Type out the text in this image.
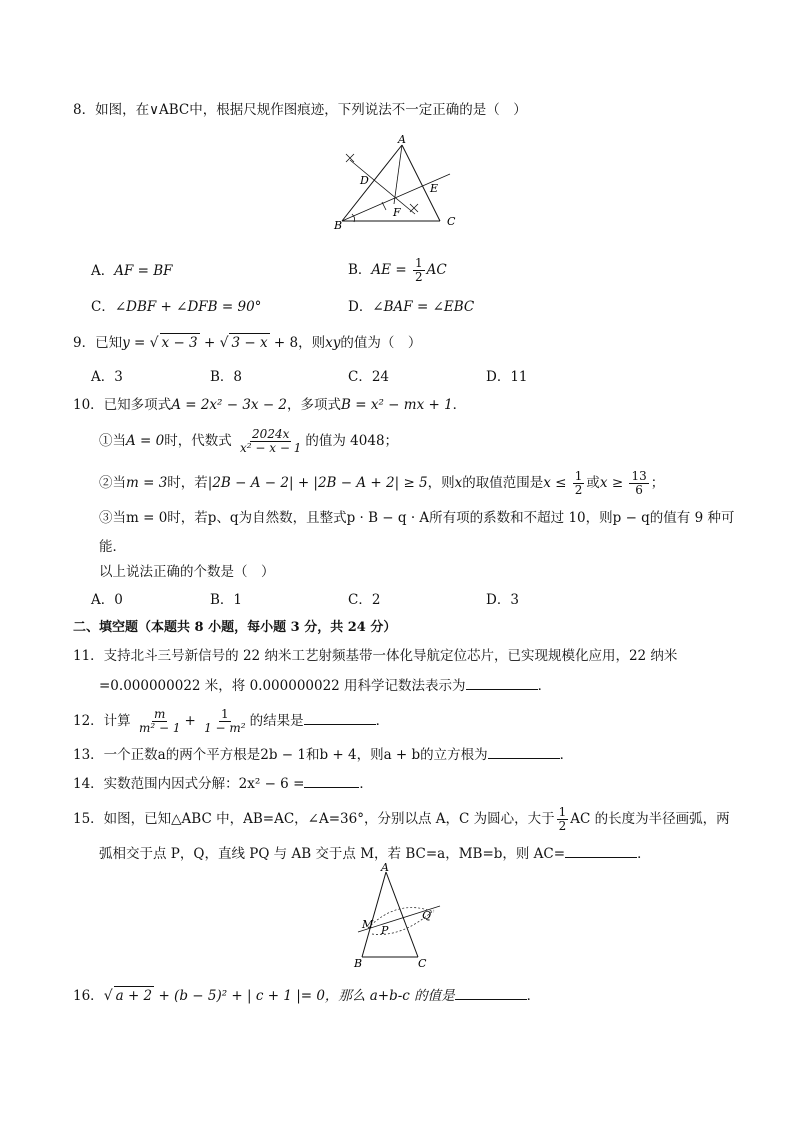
8．如图，在∨ABC中，根据尺规作图痕迹，下列说法不一定正确的是（　）
A
B	C
D
E
F
A．AF = BF	B．AE = $\frac{1}{2}$ AC
C．∠DBF + ∠DFB = 90°	D．∠BAF = ∠EBC
9．已知y = √ x − 3 + √ 3 − x + 8，则xy的值为（　）
A．3	B．8	C．24	D．11
10．已知多项式A = 2x² − 3x − 2，多项式B = x² − mx + 1．
①当A = 0时，代数式 $\frac{2024x}{\text{x² − x − 1}}$ 的值为 4048；
②当m = 3时，若|2B − A − 2| + |2B − A + 2| ≥ 5，则x的取值范围是$x \le \frac{1}{2}$ 或$x \ge \frac{13}{6}$ ；
③当m = 0时，若p、q为自然数，且整式p · B − q · A所有项的系数和不超过 10，则p − q的值有 9 种可
能．
以上说法正确的个数是（　）
A．0	B．1	C．2	D．3
二、填空题（本题共 8 小题，每小题 3 分，共 24 分）
11．支持北斗三号新信号的 22 纳米工艺射频基带一体化导航定位芯片，已实现规模化应用，22 纳米
=0.000000022 米，将 0.000000022 用科学记数法表示为	．
12．计算 $\frac{m}{\text{m² − 1}} + \frac{1}{\text{1 − m²}}$ 的结果是	．
13．一个正数a的两个平方根是2b − 1和b + 4，则a + b的立方根为	．
14．实数范围内因式分解：2x² − 6 =	．
15．如图，已知△ABC 中，AB=AC，∠A=36°，分别以点 A，C 为圆心，大于 $\frac{1}{2}$ AC 的长度为半径画弧，两
弧相交于点 P，Q，直线 PQ 与 AB 交于点 M，若 BC=a，MB=b，则 AC=	．
A
B	C
M P
Q
16．√ a + 2 + (b − 5)² + | c + 1 |= 0，那么 a+b-c 的值是	．
